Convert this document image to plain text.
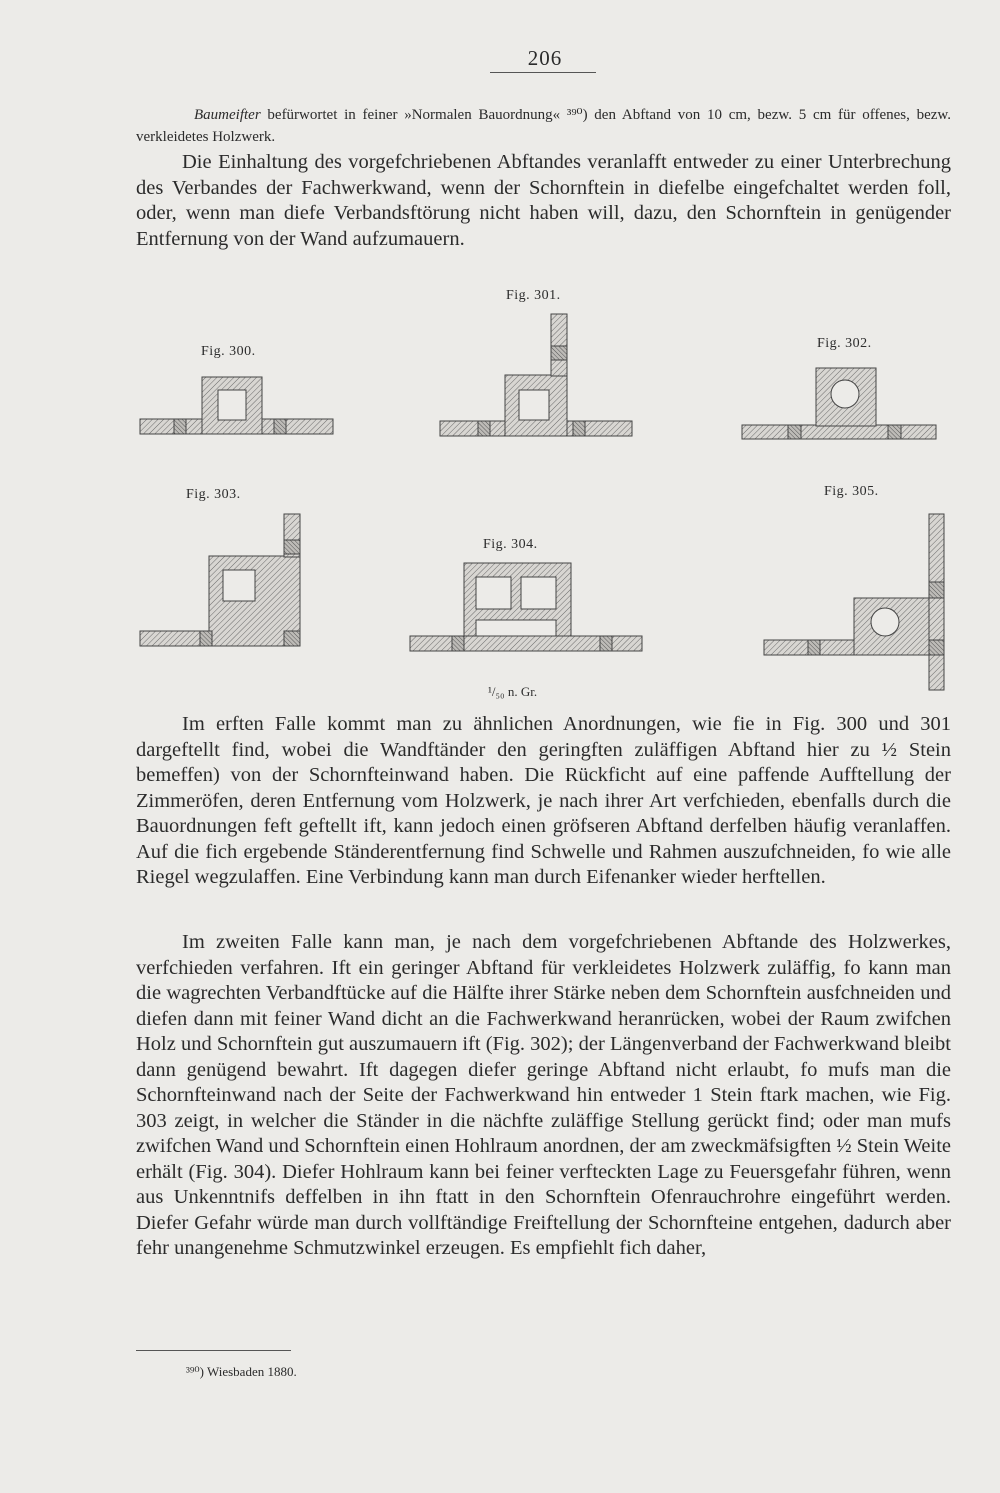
206

Baumeifter befürwortet in feiner »Normalen Bauordnung« ³⁹⁰) den Abftand von 10 cm, bezw. 5 cm für offenes, bezw. verkleidetes Holzwerk.

Die Einhaltung des vorgefchriebenen Abftandes veranlafft entweder zu einer Unterbrechung des Verbandes der Fachwerkwand, wenn der Schornftein in diefelbe eingefchaltet werden foll, oder, wenn man diefe Verbandsftörung nicht haben will, dazu, den Schornftein in genügender Entfernung von der Wand aufzumauern.

Fig. 300.
Fig. 301.
Fig. 302.
Fig. 303.
Fig. 304.
Fig. 305.
¹/₅₀ n. Gr.

Im erften Falle kommt man zu ähnlichen Anordnungen, wie fie in Fig. 300 und 301 dargeftellt find, wobei die Wandftänder den geringften zuläffigen Abftand hier zu ½ Stein bemeffen) von der Schornfteinwand haben. Die Rückficht auf eine paffende Aufftellung der Zimmeröfen, deren Entfernung vom Holzwerk, je nach ihrer Art verfchieden, ebenfalls durch die Bauordnungen feft geftellt ift, kann jedoch einen gröfseren Abftand derfelben häufig veranlaffen. Auf die fich ergebende Ständerentfernung find Schwelle und Rahmen auszufchneiden, fo wie alle Riegel wegzulaffen. Eine Verbindung kann man durch Eifenanker wieder herftellen.

Im zweiten Falle kann man, je nach dem vorgefchriebenen Abftande des Holzwerkes, verfchieden verfahren. Ift ein geringer Abftand für verkleidetes Holzwerk zuläffig, fo kann man die wagrechten Verbandftücke auf die Hälfte ihrer Stärke neben dem Schornftein ausfchneiden und diefen dann mit feiner Wand dicht an die Fachwerkwand heranrücken, wobei der Raum zwifchen Holz und Schornftein gut auszumauern ift (Fig. 302); der Längenverband der Fachwerkwand bleibt dann genügend bewahrt. Ift dagegen diefer geringe Abftand nicht erlaubt, fo mufs man die Schornfteinwand nach der Seite der Fachwerkwand hin entweder 1 Stein ftark machen, wie Fig. 303 zeigt, in welcher die Ständer in die nächfte zuläffige Stellung gerückt find; oder man mufs zwifchen Wand und Schornftein einen Hohlraum anordnen, der am zweckmäfsigften ½ Stein Weite erhält (Fig. 304). Diefer Hohlraum kann bei feiner verfteckten Lage zu Feuersgefahr führen, wenn aus Unkenntnifs deffelben in ihn ftatt in den Schornftein Ofenrauchrohre eingeführt werden. Diefer Gefahr würde man durch vollftändige Freiftellung der Schornfteine entgehen, dadurch aber fehr unangenehme Schmutzwinkel erzeugen. Es empfiehlt fich daher,

³⁹⁰) Wiesbaden 1880.
